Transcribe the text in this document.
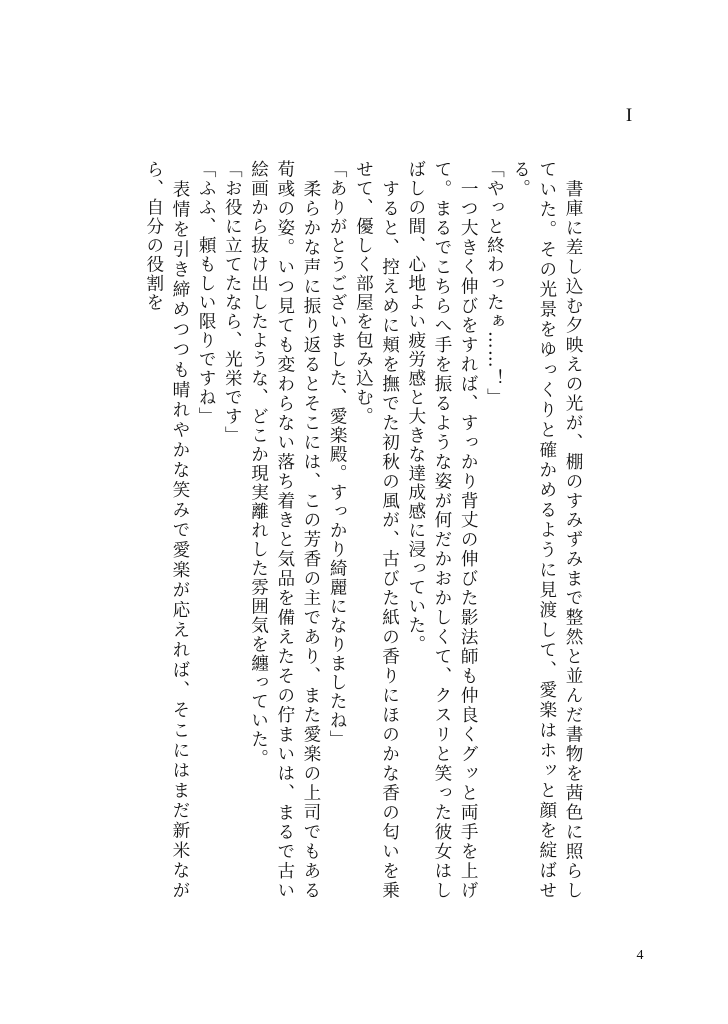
I

　書庫に差し込む夕映えの光が、棚のすみずみまで整然と並んだ書物を茜色に照らしていた。その光景をゆっくりと確かめるように見渡して、愛楽はホッと顔を綻ばせる。

「やっと終わったぁ……！」

　一つ大きく伸びをすれば、すっかり背丈の伸びた影法師も仲良くグッと両手を上げて。まるでこちらへ手を振るような姿が何だかおかしくて、クスリと笑った彼女はしばしの間、心地よい疲労感と大きな達成感に浸っていた。

　すると、控えめに頬を撫でた初秋の風が、古びた紙の香りにほのかな香の匂いを乗せて、優しく部屋を包み込む。

「ありがとうございました、愛楽殿。すっかり綺麗になりましたね」

　柔らかな声に振り返るとそこには、この芳香の主であり、また愛楽の上司でもある荀彧の姿。いつ見ても変わらない落ち着きと気品を備えたその佇まいは、まるで古い絵画から抜け出したような、どこか現実離れした雰囲気を纏っていた。

「お役に立てたなら、光栄です」

「ふふ、頼もしい限りですね」

　表情を引き締めつつも晴れやかな笑みで愛楽が応えれば、そこにはまだ新米ながら、自分の役割を

4
